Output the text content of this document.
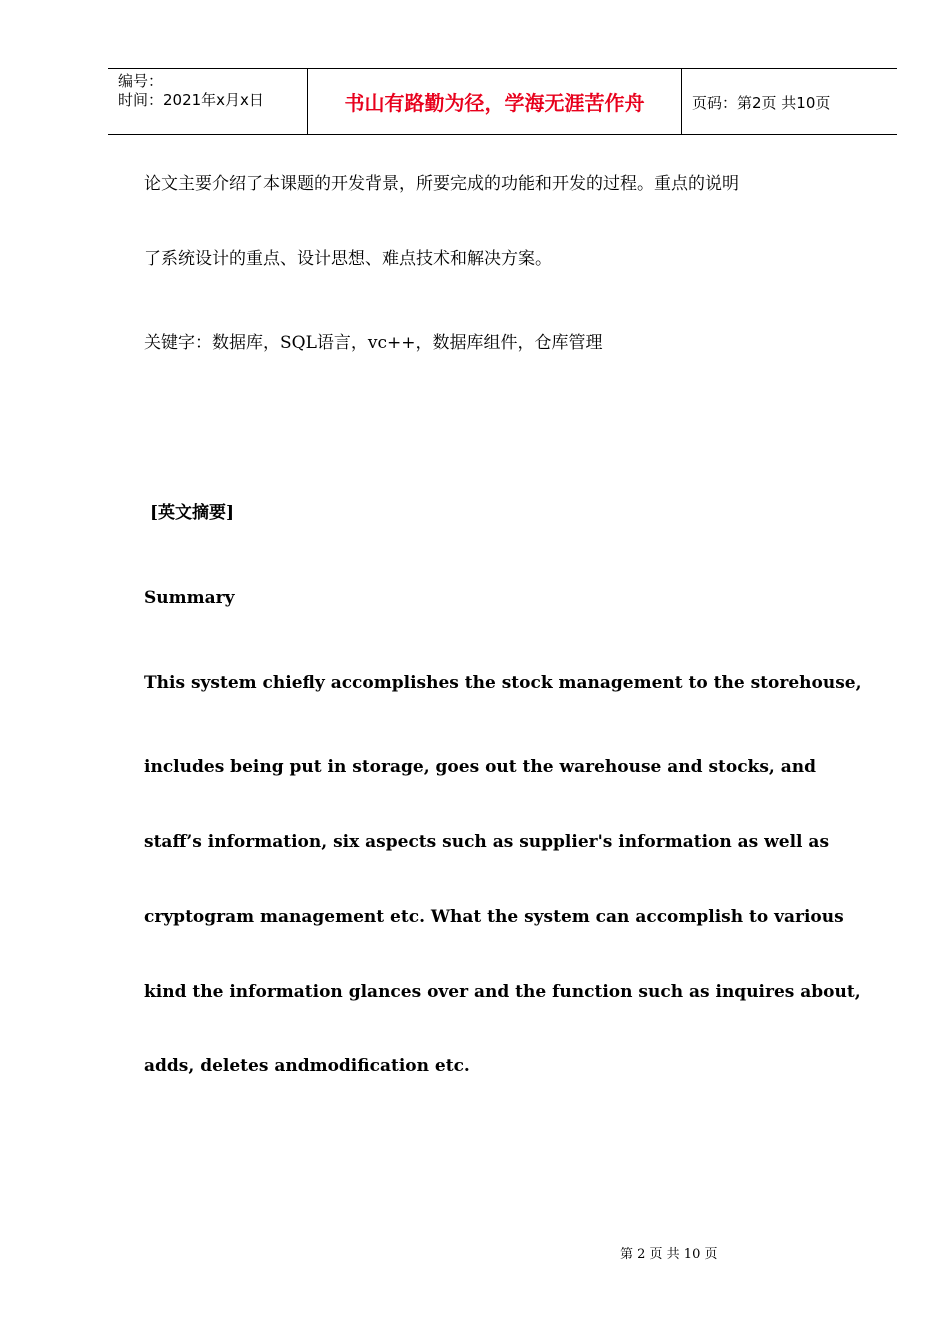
编号：
时间：2021年x月x日	书山有路勤为径，学海无涯苦作舟	页码：第2页 共10页
论文主要介绍了本课题的开发背景，所要完成的功能和开发的过程。重点的说明
了系统设计的重点、设计思想、难点技术和解决方案。
关键字：数据库，SQL语言，vc++，数据库组件，仓库管理
[英文摘要]
Summary
This system chiefly accomplishes the stock management to the storehouse,
includes being put in storage, goes out the warehouse and stocks, and
staff’s information, six aspects such as supplier's information as well as
cryptogram management etc. What the system can accomplish to various
kind the information glances over and the function such as inquires about,
adds, deletes andmodification etc.
第 2 页 共 10 页
